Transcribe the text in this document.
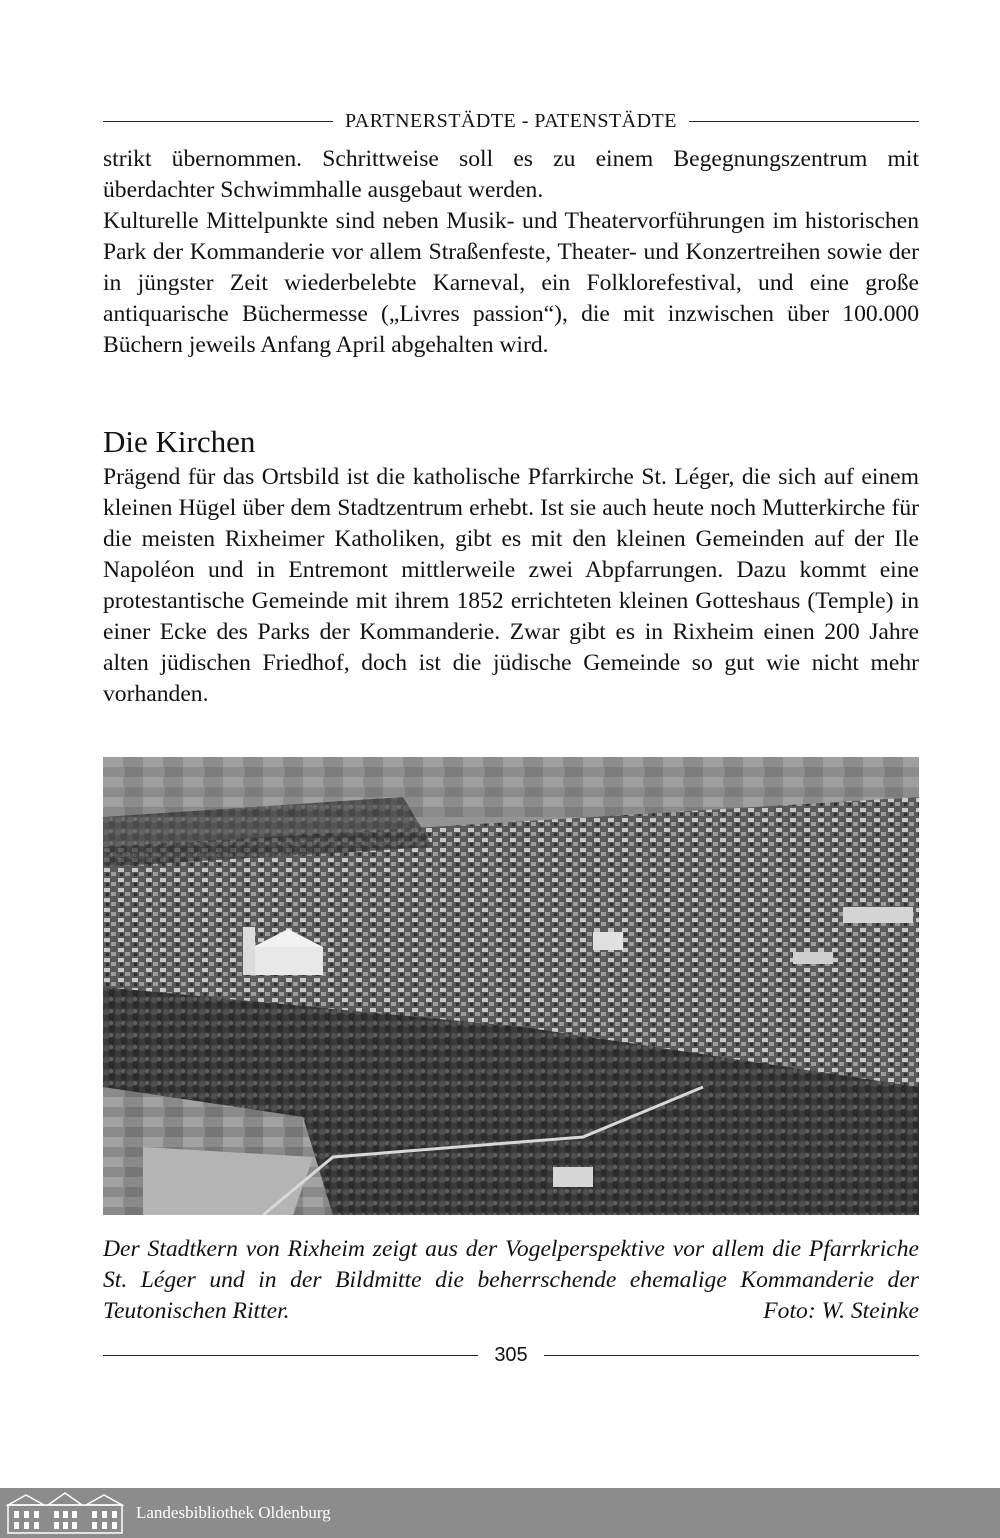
PARTNERSTÄDTE - PATENSTÄDTE

strikt übernommen. Schrittweise soll es zu einem Begegnungszentrum mit überdachter Schwimmhalle ausgebaut werden.

Kulturelle Mittelpunkte sind neben Musik- und Theatervorführungen im historischen Park der Kommanderie vor allem Straßenfeste, Theater- und Konzertreihen sowie der in jüngster Zeit wiederbelebte Karneval, ein Folklorefestival, und eine große antiquarische Büchermesse („Livres passion“), die mit inzwischen über 100.000 Büchern jeweils Anfang April abgehalten wird.

Die Kirchen

Prägend für das Ortsbild ist die katholische Pfarrkirche St. Léger, die sich auf einem kleinen Hügel über dem Stadtzentrum erhebt. Ist sie auch heute noch Mutterkirche für die meisten Rixheimer Katholiken, gibt es mit den kleinen Gemeinden auf der Ile Napoléon und in Entremont mittlerweile zwei Abpfarrungen. Dazu kommt eine protestantische Gemeinde mit ihrem 1852 errichteten kleinen Gotteshaus (Temple) in einer Ecke des Parks der Kommanderie. Zwar gibt es in Rixheim einen 200 Jahre alten jüdischen Friedhof, doch ist die jüdische Gemeinde so gut wie nicht mehr vorhanden.

Der Stadtkern von Rixheim zeigt aus der Vogelperspektive vor allem die Pfarrkriche St. Léger und in der Bildmitte die beherrschende ehemalige Kommanderie der Teutonischen Ritter.	Foto: W. Steinke

305
Landesbibliothek Oldenburg
